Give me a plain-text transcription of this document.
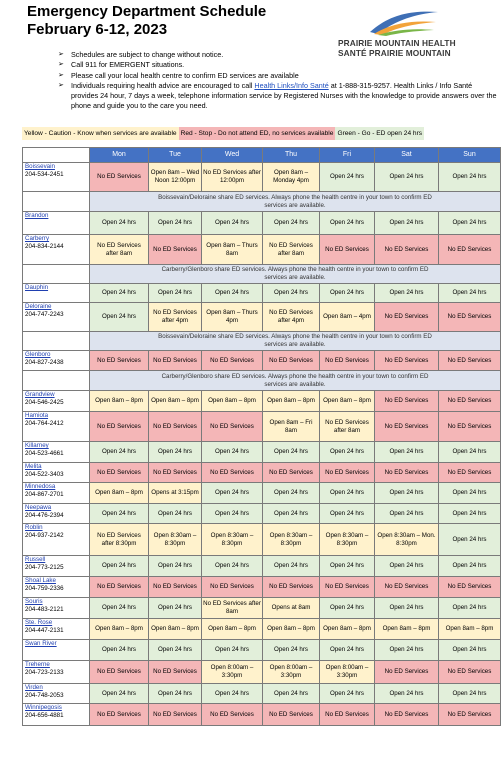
Emergency Department Schedule
February 6-12, 2023
PRAIRIE MOUNTAIN HEALTH
SANTÉ PRAIRIE MOUNTAIN
➢ Schedules are subject to change without notice.
➢ Call 911 for EMERGENT situations.
➢ Please call your local health centre to confirm ED services are available
➢ Individuals requiring health advice are encouraged to call Health Links/Info Santé at 1-888-315-9257. Health Links / Info Santé provides 24 hour, 7 days a week, telephone information service by Registered Nurses with the knowledge to provide answers over the phone and guide you to the care you need.
Yellow - Caution - Know when services are available Red - Stop - Do not attend ED, no services available Green - Go - ED open 24 hrs
	Mon	Tue	Wed	Thu	Fri	Sat	Sun

Boissevain
204-534-2451	No ED Services	Open 8am – Wed Noon 12:00pm	No ED Services after 12:00pm	Open 8am – Monday 4pm	Open 24 hrs	Open 24 hrs	Open 24 hrs
	Boissevain/Deloraine share ED services. Always phone the health centre in your town to confirm ED services are available.						

Brandon	Open 24 hrs	Open 24 hrs	Open 24 hrs	Open 24 hrs	Open 24 hrs	Open 24 hrs	Open 24 hrs

Carberry
204-834-2144	No ED Services after 8am	No ED Services	Open 8am – Thurs 8am	No ED Services after 8am	No ED Services	No ED Services	No ED Services
	Carberry/Glenboro share ED services. Always phone the health centre in your town to confirm ED services are available.						

Dauphin	Open 24 hrs	Open 24 hrs	Open 24 hrs	Open 24 hrs	Open 24 hrs	Open 24 hrs	Open 24 hrs

Deloraine
204-747-2243	Open 24 hrs	No ED Services after 4pm	Open 8am – Thurs 4pm	No ED Services after 4pm	Open 8am – 4pm	No ED Services	No ED Services
	Boissevain/Deloraine share ED services. Always phone the health centre in your town to confirm ED services are available.						

Glenboro
204-827-2438	No ED Services	No ED Services	No ED Services	No ED Services	No ED Services	No ED Services	No ED Services
	Carberry/Glenboro share ED services. Always phone the health centre in your town to confirm ED services are available.						

Grandview
204-546-2425	Open 8am – 8pm	Open 8am – 8pm	Open 8am – 8pm	Open 8am – 8pm	Open 8am – 8pm	No ED Services	No ED Services

Hamiota
204-764-2412	No ED Services	No ED Services	No ED Services	Open 8am – Fri 8am	No ED Services after 8am	No ED Services	No ED Services

Killarney
204-523-4661	Open 24 hrs	Open 24 hrs	Open 24 hrs	Open 24 hrs	Open 24 hrs	Open 24 hrs	Open 24 hrs

Melita
204-522-3403	No ED Services	No ED Services	No ED Services	No ED Services	No ED Services	No ED Services	No ED Services

Minnedosa
204-867-2701	Open 8am – 8pm	Opens at 3:15pm	Open 24 hrs	Open 24 hrs	Open 24 hrs	Open 24 hrs	Open 24 hrs

Neepawa
204-476-2394	Open 24 hrs	Open 24 hrs	Open 24 hrs	Open 24 hrs	Open 24 hrs	Open 24 hrs	Open 24 hrs

Roblin
204-937-2142	No ED Services after 8:30pm	Open 8:30am – 8:30pm	Open 8:30am – 8:30pm	Open 8:30am – 8:30pm	Open 8:30am – 8:30pm	Open 8:30am – Mon. 8:30pm	Open 24 hrs

Russell
204-773-2125	Open 24 hrs	Open 24 hrs	Open 24 hrs	Open 24 hrs	Open 24 hrs	Open 24 hrs	Open 24 hrs

Shoal Lake
204-759-2336	No ED Services	No ED Services	No ED Services	No ED Services	No ED Services	No ED Services	No ED Services

Souris
204-483-2121	Open 24 hrs	Open 24 hrs	No ED Services after 8am	Opens at 8am	Open 24 hrs	Open 24 hrs	Open 24 hrs

Ste. Rose
204-447-2131	Open 8am – 8pm	Open 8am – 8pm	Open 8am – 8pm	Open 8am – 8pm	Open 8am – 8pm	Open 8am – 8pm	Open 8am – 8pm

Swan River	Open 24 hrs	Open 24 hrs	Open 24 hrs	Open 24 hrs	Open 24 hrs	Open 24 hrs	Open 24 hrs

Treherne
204-723-2133	No ED Services	No ED Services	Open 8:00am – 3:30pm	Open 8:00am – 3:30pm	Open 8:00am – 3:30pm	No ED Services	No ED Services

Virden
204-748-2053	Open 24 hrs	Open 24 hrs	Open 24 hrs	Open 24 hrs	Open 24 hrs	Open 24 hrs	Open 24 hrs

Winnipegosis
204-656-4881	No ED Services	No ED Services	No ED Services	No ED Services	No ED Services	No ED Services	No ED Services
